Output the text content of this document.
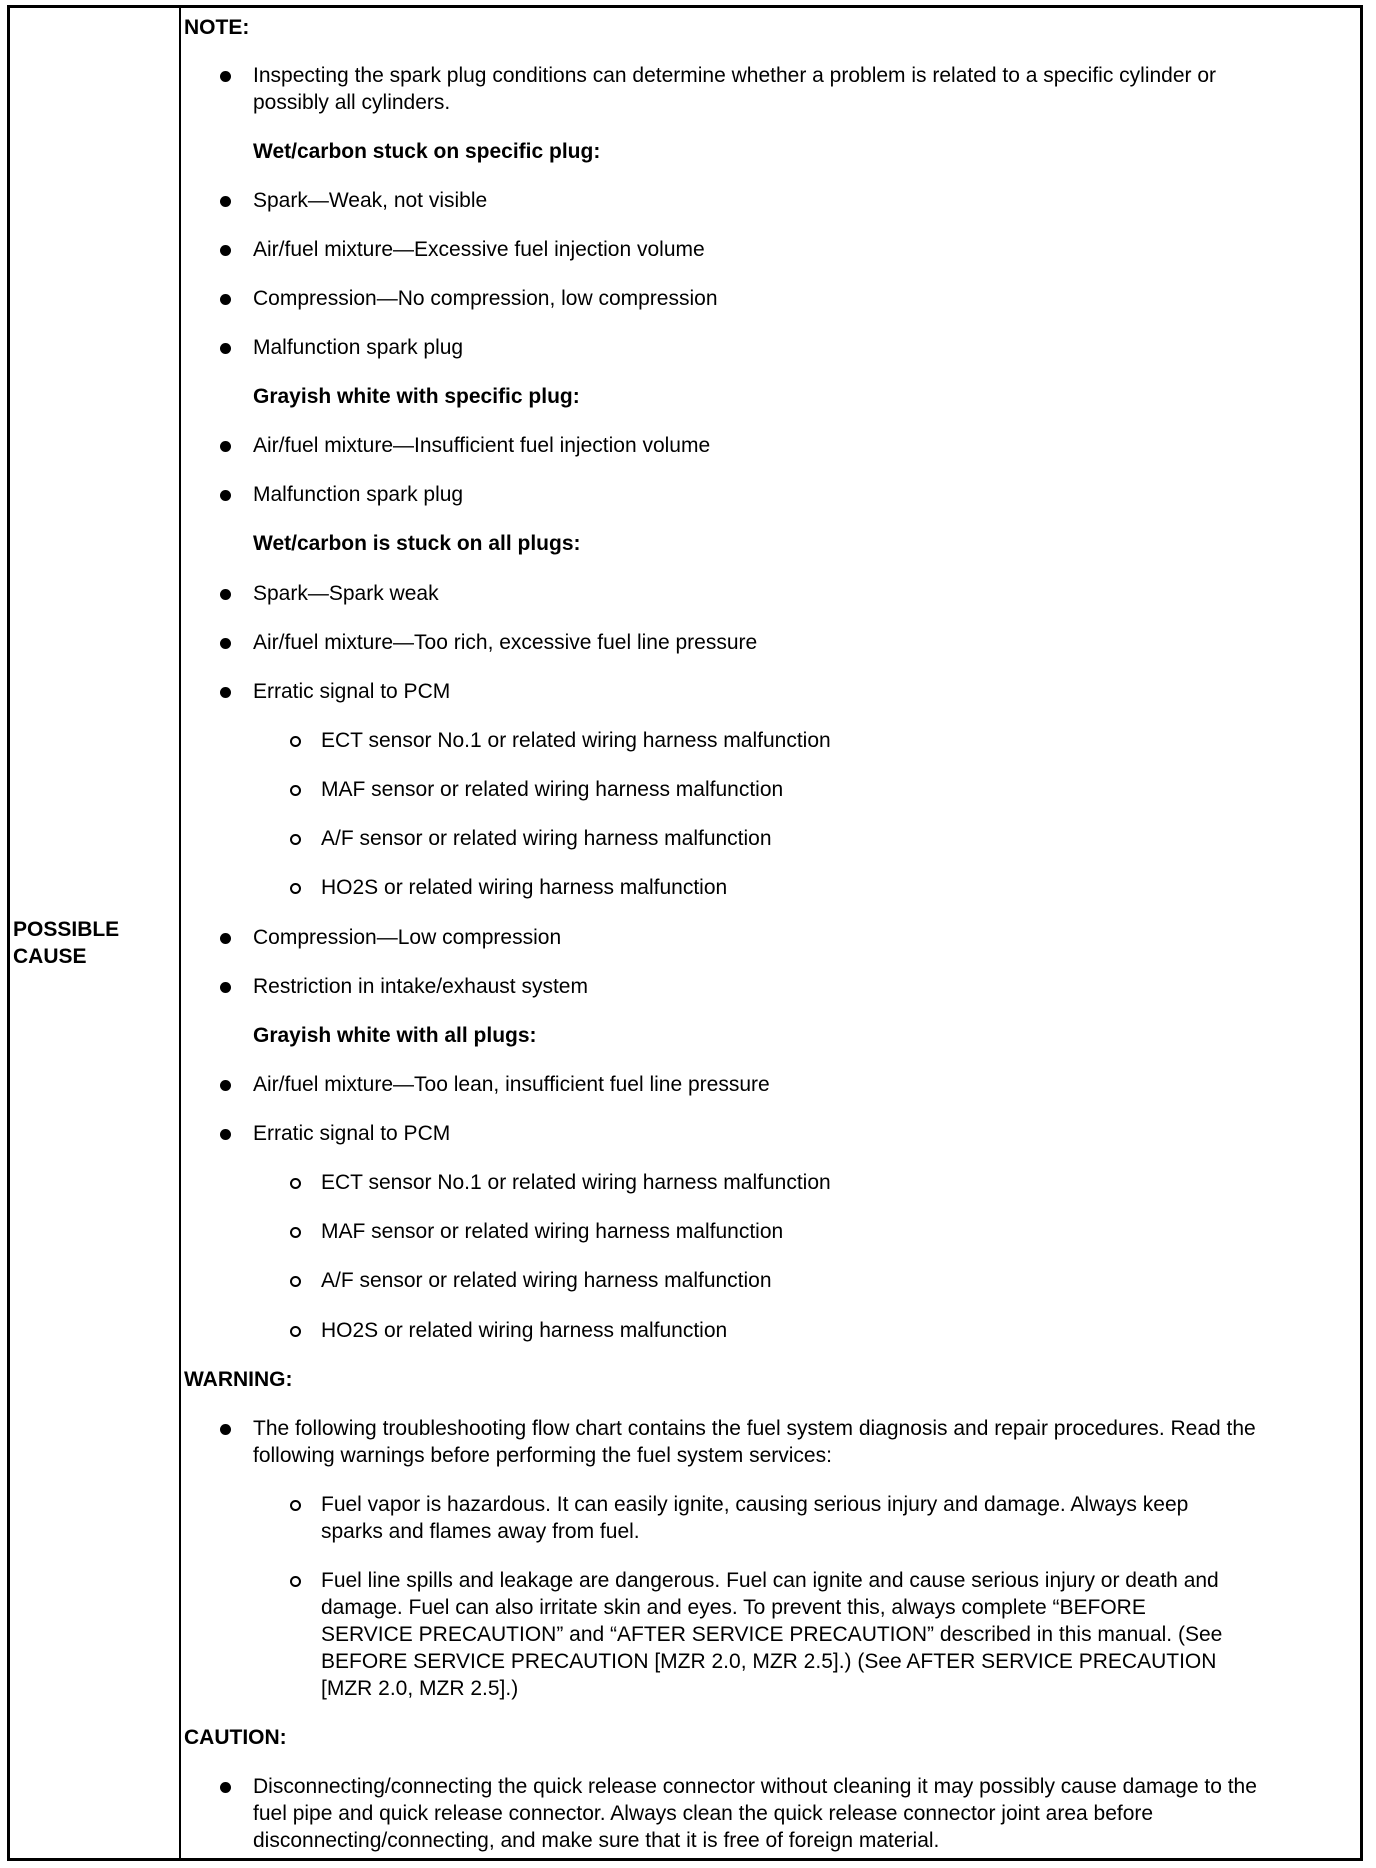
POSSIBLE
CAUSE
NOTE:
Inspecting the spark plug conditions can determine whether a problem is related to a specific cylinder or
possibly all cylinders.
Wet/carbon stuck on specific plug:
Spark—Weak, not visible
Air/fuel mixture—Excessive fuel injection volume
Compression—No compression, low compression
Malfunction spark plug
Grayish white with specific plug:
Air/fuel mixture—Insufficient fuel injection volume
Malfunction spark plug
Wet/carbon is stuck on all plugs:
Spark—Spark weak
Air/fuel mixture—Too rich, excessive fuel line pressure
Erratic signal to PCM
ECT sensor No.1 or related wiring harness malfunction
MAF sensor or related wiring harness malfunction
A/F sensor or related wiring harness malfunction
HO2S or related wiring harness malfunction
Compression—Low compression
Restriction in intake/exhaust system
Grayish white with all plugs:
Air/fuel mixture—Too lean, insufficient fuel line pressure
Erratic signal to PCM
ECT sensor No.1 or related wiring harness malfunction
MAF sensor or related wiring harness malfunction
A/F sensor or related wiring harness malfunction
HO2S or related wiring harness malfunction
WARNING:
The following troubleshooting flow chart contains the fuel system diagnosis and repair procedures. Read the
following warnings before performing the fuel system services:
Fuel vapor is hazardous. It can easily ignite, causing serious injury and damage. Always keep
sparks and flames away from fuel.
Fuel line spills and leakage are dangerous. Fuel can ignite and cause serious injury or death and
damage. Fuel can also irritate skin and eyes. To prevent this, always complete “BEFORE
SERVICE PRECAUTION” and “AFTER SERVICE PRECAUTION” described in this manual. (See
BEFORE SERVICE PRECAUTION [MZR 2.0, MZR 2.5].) (See AFTER SERVICE PRECAUTION
[MZR 2.0, MZR 2.5].)
CAUTION:
Disconnecting/connecting the quick release connector without cleaning it may possibly cause damage to the
fuel pipe and quick release connector. Always clean the quick release connector joint area before
disconnecting/connecting, and make sure that it is free of foreign material.
